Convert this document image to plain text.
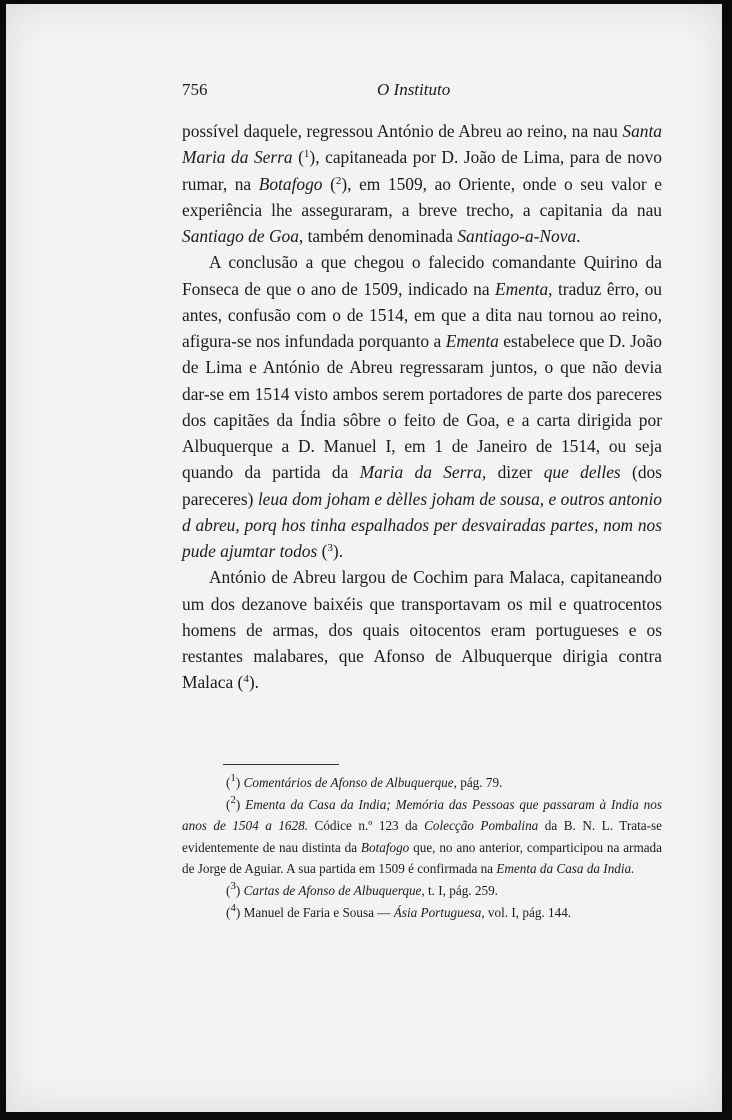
756	O Instituto

possível daquele, regressou António de Abreu ao reino, na nau Santa Maria da Serra ($^1$), capitaneada por D. João de Lima, para de novo rumar, na Botafogo ($^2$), em 1509, ao Oriente, onde o seu valor e experiência lhe asseguraram, a breve trecho, a capitania da nau Santiago de Goa, também denominada Santiago-a-Nova.

A conclusão a que chegou o falecido comandante Quirino da Fonseca de que o ano de 1509, indicado na Ementa, traduz êrro, ou antes, confusão com o de 1514, em que a dita nau tornou ao reino, afigura-se nos infundada porquanto a Ementa estabelece que D. João de Lima e António de Abreu regressaram juntos, o que não devia dar-se em 1514 visto ambos serem portadores de parte dos pareceres dos capitães da Índia sôbre o feito de Goa, e a carta dirigida por Albuquerque a D. Manuel I, em 1 de Janeiro de 1514, ou seja quando da partida da Maria da Serra, dizer que delles (dos pareceres) leua dom joham e dèlles joham de sousa, e outros antonio d abreu, porq hos tinha espalhados per desvairadas partes, nom nos pude ajumtar todos ($^3$).

António de Abreu largou de Cochim para Malaca, capitaneando um dos dezanove baixéis que transportavam os mil e quatrocentos homens de armas, dos quais oitocentos eram portugueses e os restantes malabares, que Afonso de Albuquerque dirigia contra Malaca ($^4$).

($^1$) Comentários de Afonso de Albuquerque, pág. 79.

($^2$) Ementa da Casa da India; Memória das Pessoas que passaram à India nos anos de 1504 a 1628. Códice n.º 123 da Colecção Pombalina da B. N. L. Trata-se evidentemente de nau distinta da Botafogo que, no ano anterior, comparticipou na armada de Jorge de Aguiar. A sua partida em 1509 é confirmada na Ementa da Casa da India.

($^3$) Cartas de Afonso de Albuquerque, t. I, pág. 259.

($^4$) Manuel de Faria e Sousa — Ásia Portuguesa, vol. I, pág. 144.
